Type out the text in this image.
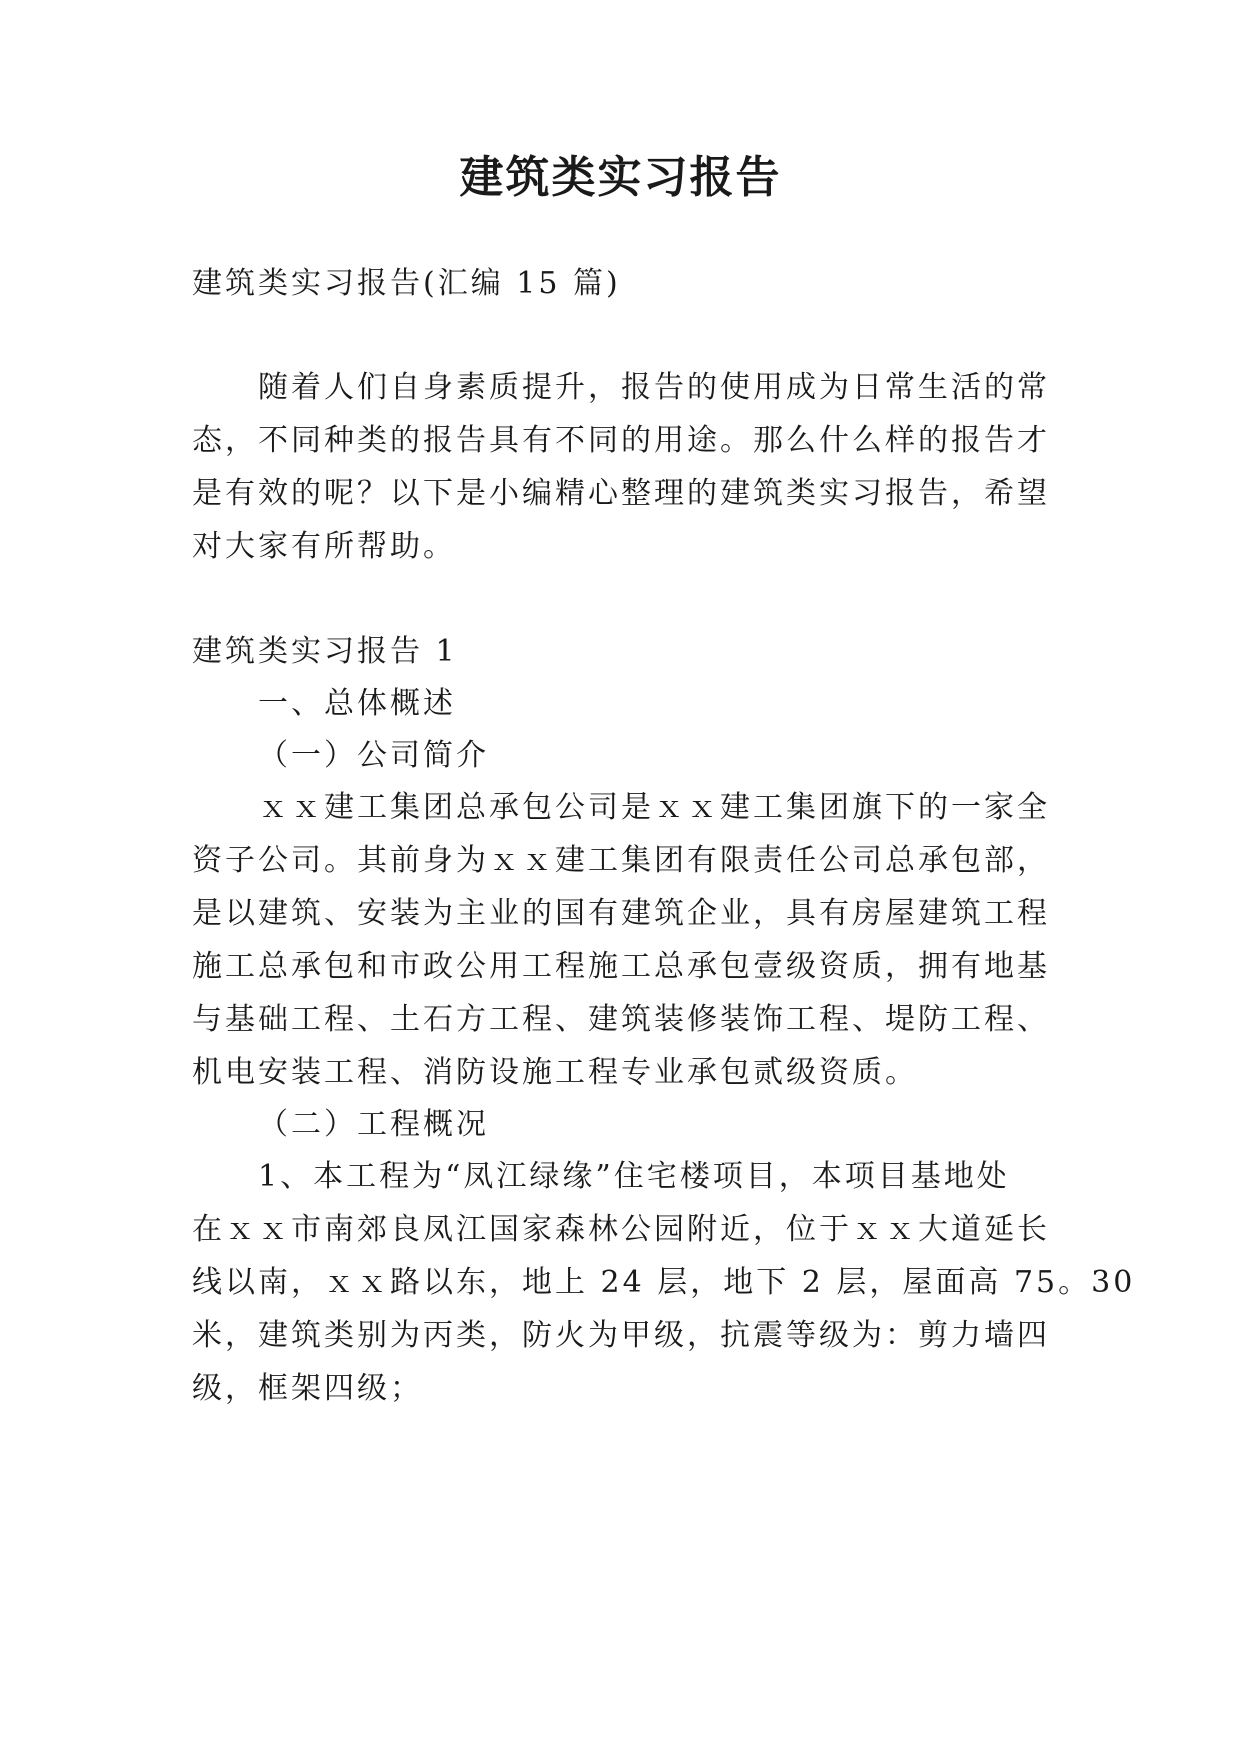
建筑类实习报告
建筑类实习报告(汇编 15 篇)
随着人们自身素质提升，报告的使用成为日常生活的常
态，不同种类的报告具有不同的用途。那么什么样的报告才
是有效的呢？以下是小编精心整理的建筑类实习报告，希望
对大家有所帮助。
建筑类实习报告 1
一、总体概述
（一）公司简介
ｘｘ建工集团总承包公司是ｘｘ建工集团旗下的一家全
资子公司。其前身为ｘｘ建工集团有限责任公司总承包部，
是以建筑、安装为主业的国有建筑企业，具有房屋建筑工程
施工总承包和市政公用工程施工总承包壹级资质，拥有地基
与基础工程、土石方工程、建筑装修装饰工程、堤防工程、
机电安装工程、消防设施工程专业承包贰级资质。
（二）工程概况
1、本工程为“凤江绿缘”住宅楼项目，本项目基地处
在ｘｘ市南郊良凤江国家森林公园附近，位于ｘｘ大道延长
线以南，ｘｘ路以东，地上 24 层，地下 2 层，屋面高 75。30
米，建筑类别为丙类，防火为甲级，抗震等级为：剪力墙四
级，框架四级；
